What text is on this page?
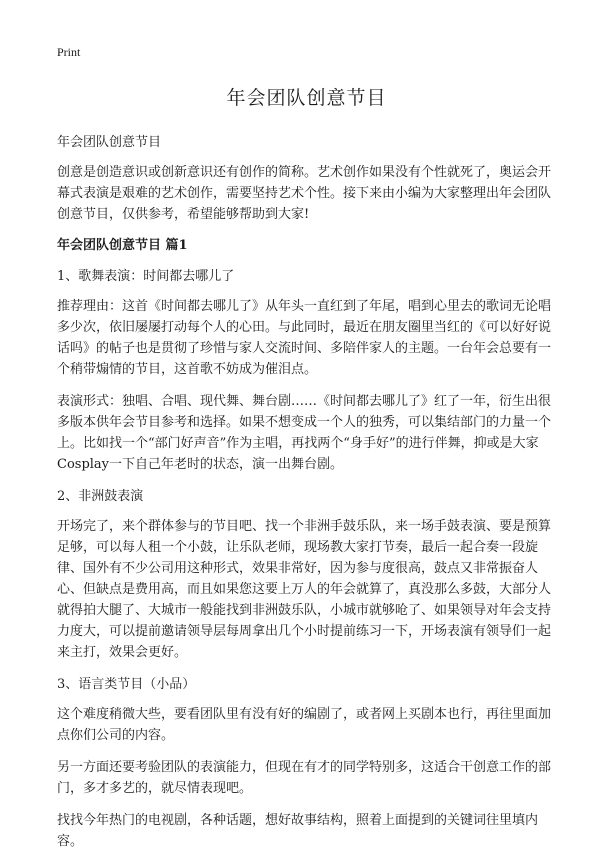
Print
年会团队创意节目

年会团队创意节目

创意是创造意识或创新意识还有创作的简称。艺术创作如果没有个性就死了，奥运会开幕式表演是艰难的艺术创作，需要坚持艺术个性。接下来由小编为大家整理出年会团队创意节目，仅供参考，希望能够帮助到大家!

年会团队创意节目 篇1

1、歌舞表演：时间都去哪儿了

推荐理由：这首《时间都去哪儿了》从年头一直红到了年尾，唱到心里去的歌词无论唱多少次，依旧屡屡打动每个人的心田。与此同时，最近在朋友圈里当红的《可以好好说话吗》的帖子也是贯彻了珍惜与家人交流时间、多陪伴家人的主题。一台年会总要有一个稍带煽情的节目，这首歌不妨成为催泪点。

表演形式：独唱、合唱、现代舞、舞台剧……《时间都去哪儿了》红了一年，衍生出很多版本供年会节目参考和选择。如果不想变成一个人的独秀，可以集结部门的力量一个上。比如找一个“部门好声音”作为主唱，再找两个“身手好”的进行伴舞，抑或是大家Cosplay一下自己年老时的状态，演一出舞台剧。

2、非洲鼓表演

开场完了，来个群体参与的节目吧、找一个非洲手鼓乐队，来一场手鼓表演、要是预算足够，可以每人租一个小鼓，让乐队老师，现场教大家打节奏，最后一起合奏一段旋律、国外有不少公司用这种形式，效果非常好，因为参与度很高，鼓点又非常振奋人心、但缺点是费用高，而且如果您这要上万人的年会就算了，真没那么多鼓，大部分人就得拍大腿了、大城市一般能找到非洲鼓乐队，小城市就够呛了、如果领导对年会支持力度大，可以提前邀请领导层每周拿出几个小时提前练习一下，开场表演有领导们一起来主打，效果会更好。

3、语言类节目（小品）

这个难度稍微大些，要看团队里有没有好的编剧了，或者网上买剧本也行，再往里面加点你们公司的内容。

另一方面还要考验团队的表演能力，但现在有才的同学特别多，这适合干创意工作的部门，多才多艺的，就尽情表现吧。

找找今年热门的电视剧，各种话题，想好故事结构，照着上面提到的关键词往里填内容。
